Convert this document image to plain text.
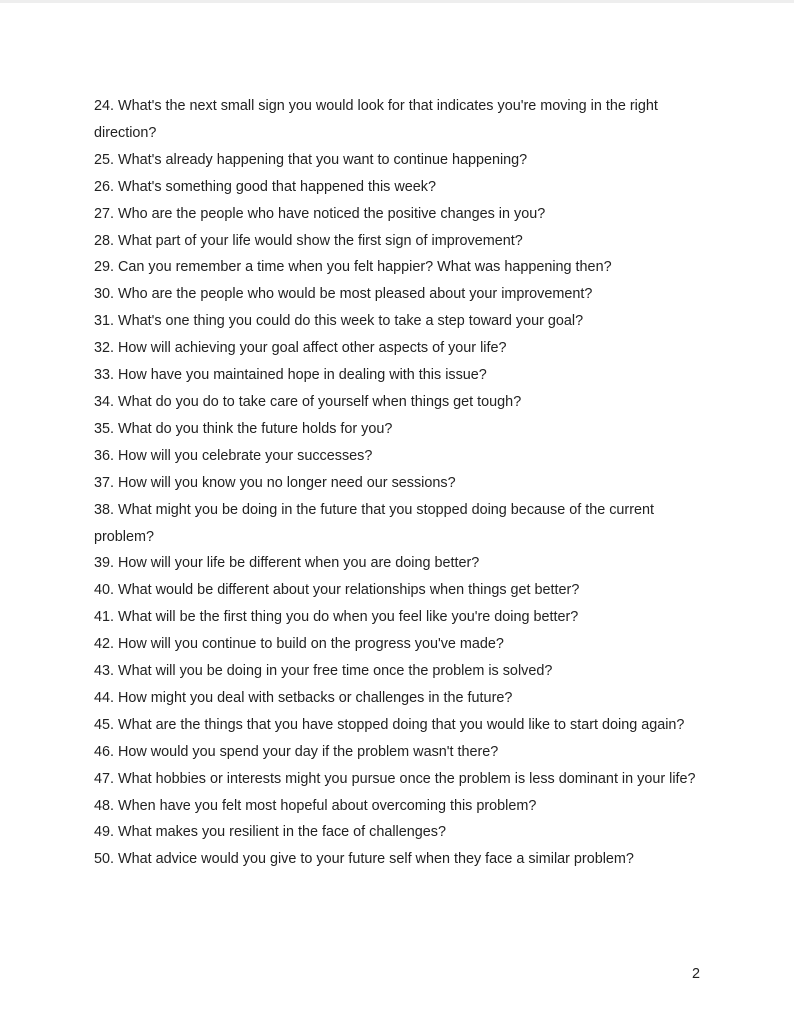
24. What's the next small sign you would look for that indicates you're moving in the right direction?
25. What's already happening that you want to continue happening?
26. What's something good that happened this week?
27. Who are the people who have noticed the positive changes in you?
28. What part of your life would show the first sign of improvement?
29. Can you remember a time when you felt happier? What was happening then?
30. Who are the people who would be most pleased about your improvement?
31. What's one thing you could do this week to take a step toward your goal?
32. How will achieving your goal affect other aspects of your life?
33. How have you maintained hope in dealing with this issue?
34. What do you do to take care of yourself when things get tough?
35. What do you think the future holds for you?
36. How will you celebrate your successes?
37. How will you know you no longer need our sessions?
38. What might you be doing in the future that you stopped doing because of the current problem?
39. How will your life be different when you are doing better?
40. What would be different about your relationships when things get better?
41. What will be the first thing you do when you feel like you're doing better?
42. How will you continue to build on the progress you've made?
43. What will you be doing in your free time once the problem is solved?
44. How might you deal with setbacks or challenges in the future?
45. What are the things that you have stopped doing that you would like to start doing again?
46. How would you spend your day if the problem wasn't there?
47. What hobbies or interests might you pursue once the problem is less dominant in your life?
48. When have you felt most hopeful about overcoming this problem?
49. What makes you resilient in the face of challenges?
50. What advice would you give to your future self when they face a similar problem?
2
